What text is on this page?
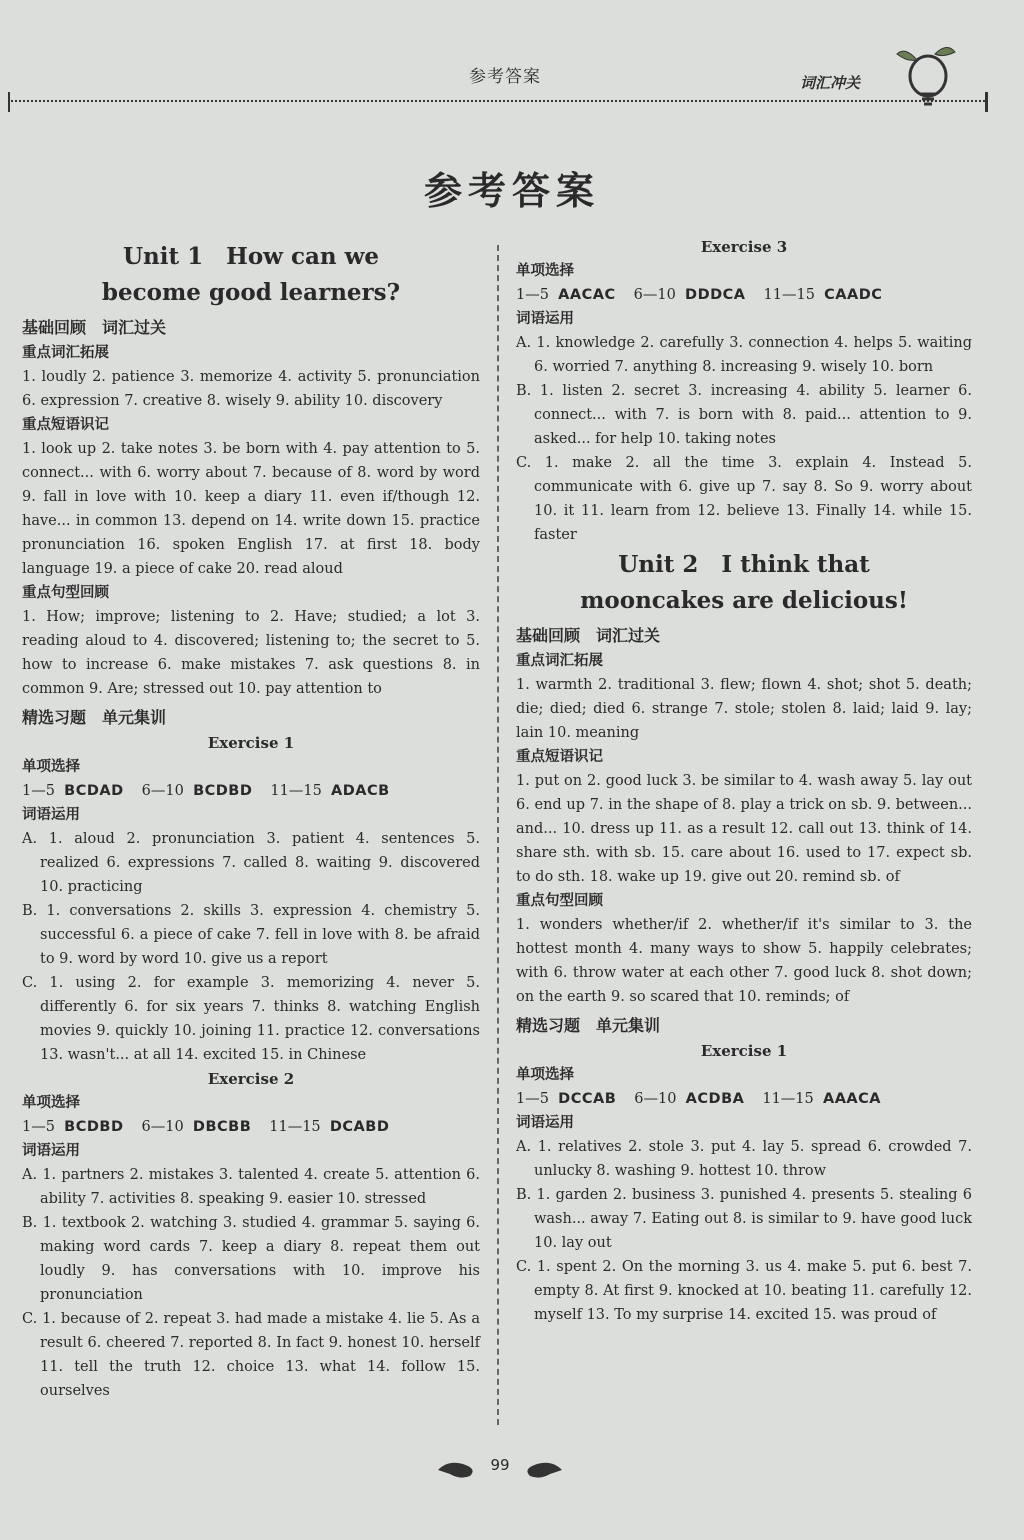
参考答案	词汇冲关
参考答案

Unit 1　How can we

become good learners?

基础回顾　词汇过关
重点词汇拓展

1. loudly 2. patience 3. memorize 4. activity 5. pronunciation 6. expression 7. creative 8. wisely 9. ability 10. discovery

重点短语识记

1. look up 2. take notes 3. be born with 4. pay attention to 5. connect... with 6. worry about 7. because of 8. word by word 9. fall in love with 10. keep a diary 11. even if/though 12. have... in common 13. depend on 14. write down 15. practice pronunciation 16. spoken English 17. at first 18. body language 19. a piece of cake 20. read aloud

重点句型回顾

1. How; improve; listening to 2. Have; studied; a lot 3. reading aloud to 4. discovered; listening to; the secret to 5. how to increase 6. make mistakes 7. ask questions 8. in common 9. Are; stressed out 10. pay attention to

精选习题　单元集训
Exercise 1
单项选择
1—5 BCDAD 6—10 BCDBD 11—15 ADACB
词语运用

A. 1. aloud 2. pronunciation 3. patient 4. sentences 5. realized 6. expressions 7. called 8. waiting 9. discovered 10. practicing

B. 1. conversations 2. skills 3. expression 4. chemistry 5. successful 6. a piece of cake 7. fell in love with 8. be afraid to 9. word by word 10. give us a report

C. 1. using 2. for example 3. memorizing 4. never 5. differently 6. for six years 7. thinks 8. watching English movies 9. quickly 10. joining 11. practice 12. conversations 13. wasn't... at all 14. excited 15. in Chinese

Exercise 2
单项选择
1—5 BCDBD 6—10 DBCBB 11—15 DCABD
词语运用

A. 1. partners 2. mistakes 3. talented 4. create 5. attention 6. ability 7. activities 8. speaking 9. easier 10. stressed

B. 1. textbook 2. watching 3. studied 4. grammar 5. saying 6. making word cards 7. keep a diary 8. repeat them out loudly 9. has conversations with 10. improve his pronunciation

C. 1. because of 2. repeat 3. had made a mistake 4. lie 5. As a result 6. cheered 7. reported 8. In fact 9. honest 10. herself 11. tell the truth 12. choice 13. what 14. follow 15. ourselves

Exercise 3
单项选择
1—5 AACAC 6—10 DDDCA 11—15 CAADC
词语运用

A. 1. knowledge 2. carefully 3. connection 4. helps 5. waiting 6. worried 7. anything 8. increasing 9. wisely 10. born

B. 1. listen 2. secret 3. increasing 4. ability 5. learner 6. connect... with 7. is born with 8. paid... attention to 9. asked... for help 10. taking notes

C. 1. make 2. all the time 3. explain 4. Instead 5. communicate with 6. give up 7. say 8. So 9. worry about 10. it 11. learn from 12. believe 13. Finally 14. while 15. faster

Unit 2　I think that

mooncakes are delicious!

基础回顾　词汇过关
重点词汇拓展

1. warmth 2. traditional 3. flew; flown 4. shot; shot 5. death; die; died; died 6. strange 7. stole; stolen 8. laid; laid 9. lay; lain 10. meaning

重点短语识记

1. put on 2. good luck 3. be similar to 4. wash away 5. lay out 6. end up 7. in the shape of 8. play a trick on sb. 9. between... and... 10. dress up 11. as a result 12. call out 13. think of 14. share sth. with sb. 15. care about 16. used to 17. expect sb. to do sth. 18. wake up 19. give out 20. remind sb. of

重点句型回顾

1. wonders whether/if 2. whether/if it's similar to 3. the hottest month 4. many ways to show 5. happily celebrates; with 6. throw water at each other 7. good luck 8. shot down; on the earth 9. so scared that 10. reminds; of

精选习题　单元集训
Exercise 1
单项选择
1—5 DCCAB 6—10 ACDBA 11—15 AAACA
词语运用

A. 1. relatives 2. stole 3. put 4. lay 5. spread 6. crowded 7. unlucky 8. washing 9. hottest 10. throw

B. 1. garden 2. business 3. punished 4. presents 5. stealing 6 wash... away 7. Eating out 8. is similar to 9. have good luck 10. lay out

C. 1. spent 2. On the morning 3. us 4. make 5. put 6. best 7. empty 8. At first 9. knocked at 10. beating 11. carefully 12. myself 13. To my surprise 14. excited 15. was proud of

99
